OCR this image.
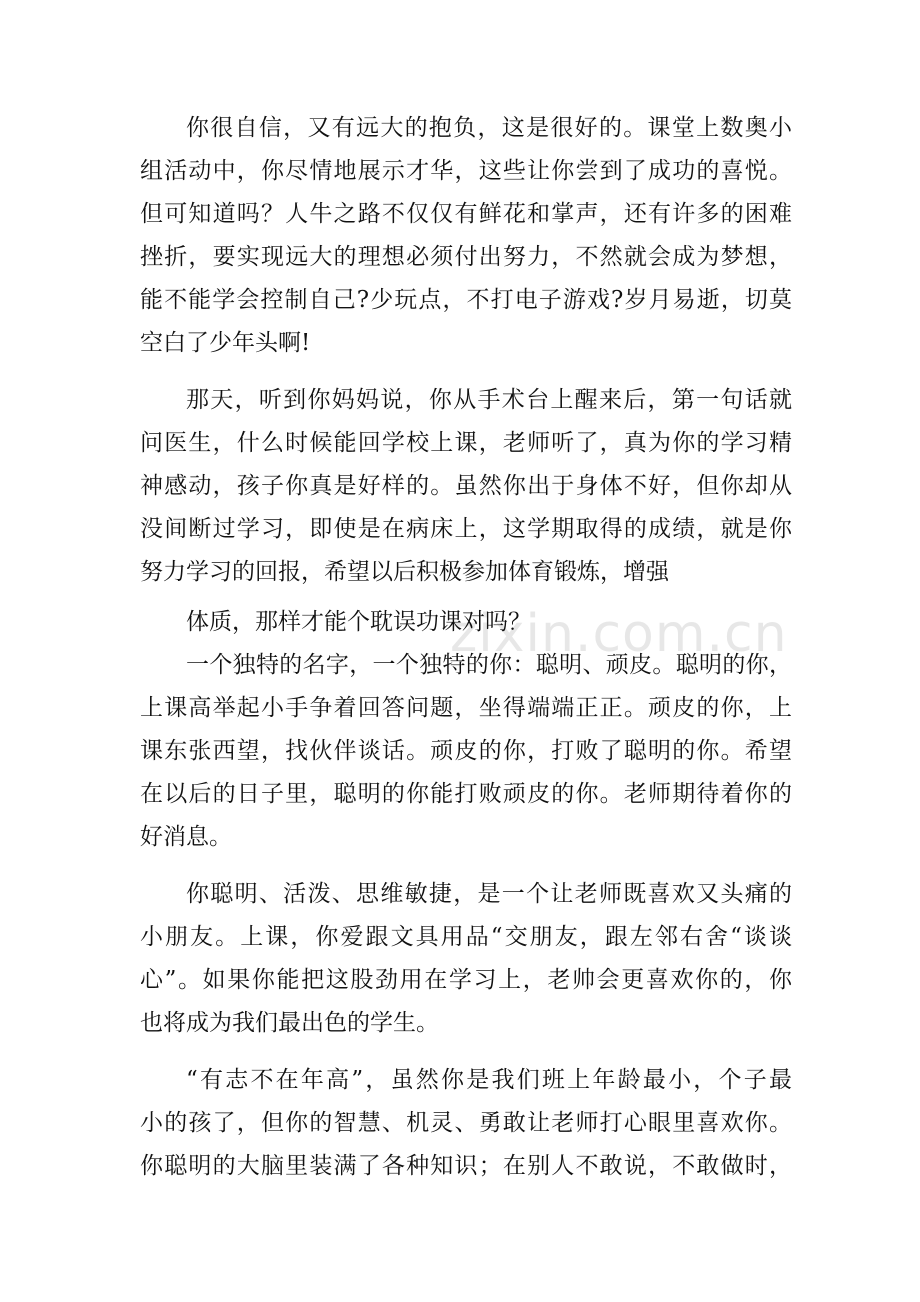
zixin.com.cn
你很自信，又有远大的抱负，这是很好的。课堂上数奥小
组活动中，你尽情地展示才华，这些让你尝到了成功的喜悦。
但可知道吗？人牛之路不仅仅有鲜花和掌声，还有许多的困难
挫折，要实现远大的理想必须付出努力，不然就会成为梦想，
能不能学会控制自己?少玩点，不打电子游戏?岁月易逝，切莫
空白了少年头啊!
那天，听到你妈妈说，你从手术台上醒来后，第一句话就
问医生，什么时候能回学校上课，老师听了，真为你的学习精
神感动，孩子你真是好样的。虽然你出于身体不好，但你却从
没间断过学习，即使是在病床上，这学期取得的成绩，就是你
努力学习的回报，希望以后积极参加体育锻炼，增强
体质，那样才能个耽误功课对吗？
一个独特的名字，一个独特的你：聪明、顽皮。聪明的你，
上课高举起小手争着回答问题，坐得端端正正。顽皮的你，上
课东张西望，找伙伴谈话。顽皮的你，打败了聪明的你。希望
在以后的日子里，聪明的你能打败顽皮的你。老师期待着你的
好消息。
你聪明、活泼、思维敏捷，是一个让老师既喜欢又头痛的
小朋友。上课，你爱跟文具用品“交朋友，跟左邻右舍“谈谈
心”。如果你能把这股劲用在学习上，老帅会更喜欢你的，你
也将成为我们最出色的学生。
“有志不在年高”，虽然你是我们班上年龄最小，个子最
小的孩了，但你的智慧、机灵、勇敢让老师打心眼里喜欢你。
你聪明的大脑里装满了各种知识；在别人不敢说，不敢做时，
